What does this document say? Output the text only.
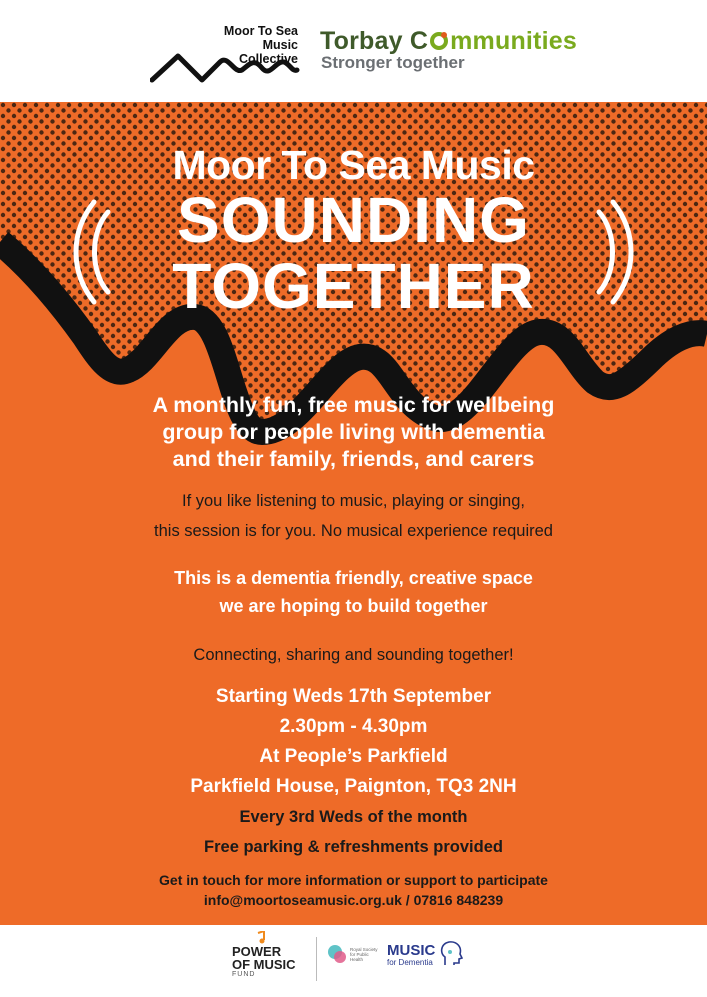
Moor To Sea
Music Collective
Torbay C mmunities
Stronger together
Moor To Sea Music
SOUNDING
TOGETHER
A monthly fun, free music for wellbeing
group for people living with dementia
and their family, friends, and carers
If you like listening to music, playing or singing,
this session is for you. No musical experience required
This is a dementia friendly, creative space
we are hoping to build together
Connecting, sharing and sounding together!
Starting Weds 17th September
2.30pm - 4.30pm
At People’s Parkfield
Parkfield House, Paignton, TQ3 2NH
Every 3rd Weds of the month
Free parking & refreshments provided
Get in touch for more information or support to participate
info@moortoseamusic.org.uk / 07816 848239
POWER
OF MUSIC
FUND
Royal Society for Public Health
MUSIC
for Dementia
